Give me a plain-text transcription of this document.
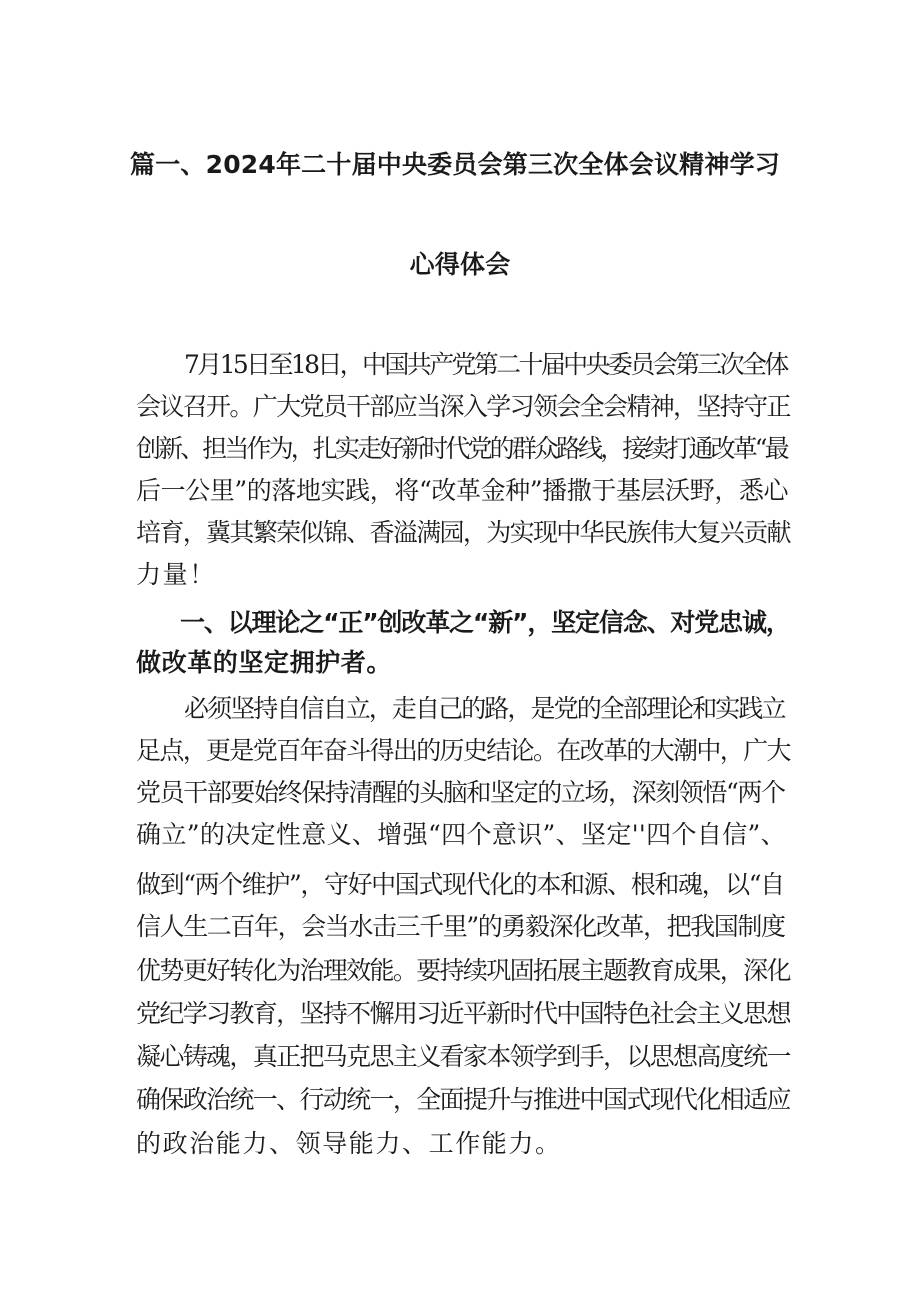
篇一、2024年二十届中央委员会第三次全体会议精神学习
心得体会
7月15日至18日，中国共产党第二十届中央委员会第三次全体
会议召开。广大党员干部应当深入学习领会全会精神，坚持守正
创新、担当作为，扎实走好新时代党的群众路线，接续打通改革“最
后一公里”的落地实践，将“改革金种”播撒于基层沃野，悉心
培育，冀其繁荣似锦、香溢满园，为实现中华民族伟大复兴贡献
力量！
一、以理论之“正”创改革之“新”，坚定信念、对党忠诚，
做改革的坚定拥护者。
必须坚持自信自立，走自己的路，是党的全部理论和实践立
足点，更是党百年奋斗得出的历史结论。在改革的大潮中，广大
党员干部要始终保持清醒的头脑和坚定的立场，深刻领悟“两个
确立”的决定性意义、增强“四个意识”、坚定''四个自信”、
做到“两个维护”，守好中国式现代化的本和源、根和魂，以“自
信人生二百年，会当水击三千里”的勇毅深化改革，把我国制度
优势更好转化为治理效能。要持续巩固拓展主题教育成果，深化
党纪学习教育，坚持不懈用习近平新时代中国特色社会主义思想
凝心铸魂，真正把马克思主义看家本领学到手，以思想高度统一
确保政治统一、行动统一，全面提升与推进中国式现代化相适应
的政治能力、领导能力、工作能力。
